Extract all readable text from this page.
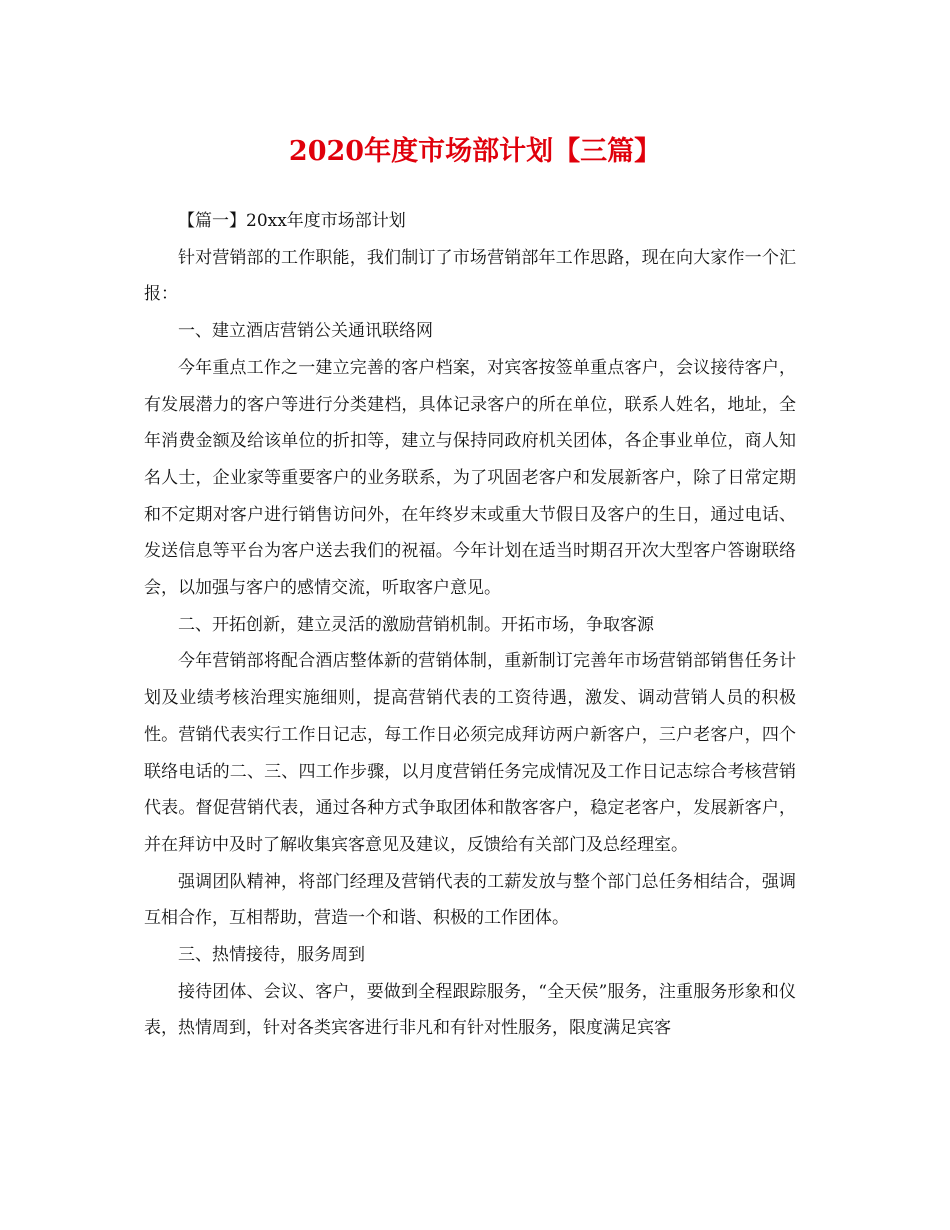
2020年度市场部计划【三篇】

【篇一】20xx年度市场部计划

针对营销部的工作职能，我们制订了市场营销部年工作思路，现在向大家作一个汇报：

一、建立酒店营销公关通讯联络网

今年重点工作之一建立完善的客户档案，对宾客按签单重点客户，会议接待客户，有发展潜力的客户等进行分类建档，具体记录客户的所在单位，联系人姓名，地址，全年消费金额及给该单位的折扣等，建立与保持同政府机关团体，各企事业单位，商人知名人士，企业家等重要客户的业务联系，为了巩固老客户和发展新客户，除了日常定期和不定期对客户进行销售访问外，在年终岁末或重大节假日及客户的生日，通过电话、发送信息等平台为客户送去我们的祝福。今年计划在适当时期召开次大型客户答谢联络会，以加强与客户的感情交流，听取客户意见。

二、开拓创新，建立灵活的激励营销机制。开拓市场，争取客源

今年营销部将配合酒店整体新的营销体制，重新制订完善年市场营销部销售任务计划及业绩考核治理实施细则，提高营销代表的工资待遇，激发、调动营销人员的积极性。营销代表实行工作日记志，每工作日必须完成拜访两户新客户，三户老客户，四个联络电话的二、三、四工作步骤，以月度营销任务完成情况及工作日记志综合考核营销代表。督促营销代表，通过各种方式争取团体和散客客户，稳定老客户，发展新客户，并在拜访中及时了解收集宾客意见及建议，反馈给有关部门及总经理室。

强调团队精神，将部门经理及营销代表的工薪发放与整个部门总任务相结合，强调互相合作，互相帮助，营造一个和谐、积极的工作团体。

三、热情接待，服务周到

接待团体、会议、客户，要做到全程跟踪服务，“全天侯”服务，注重服务形象和仪表，热情周到，针对各类宾客进行非凡和有针对性服务，限度满足宾客
